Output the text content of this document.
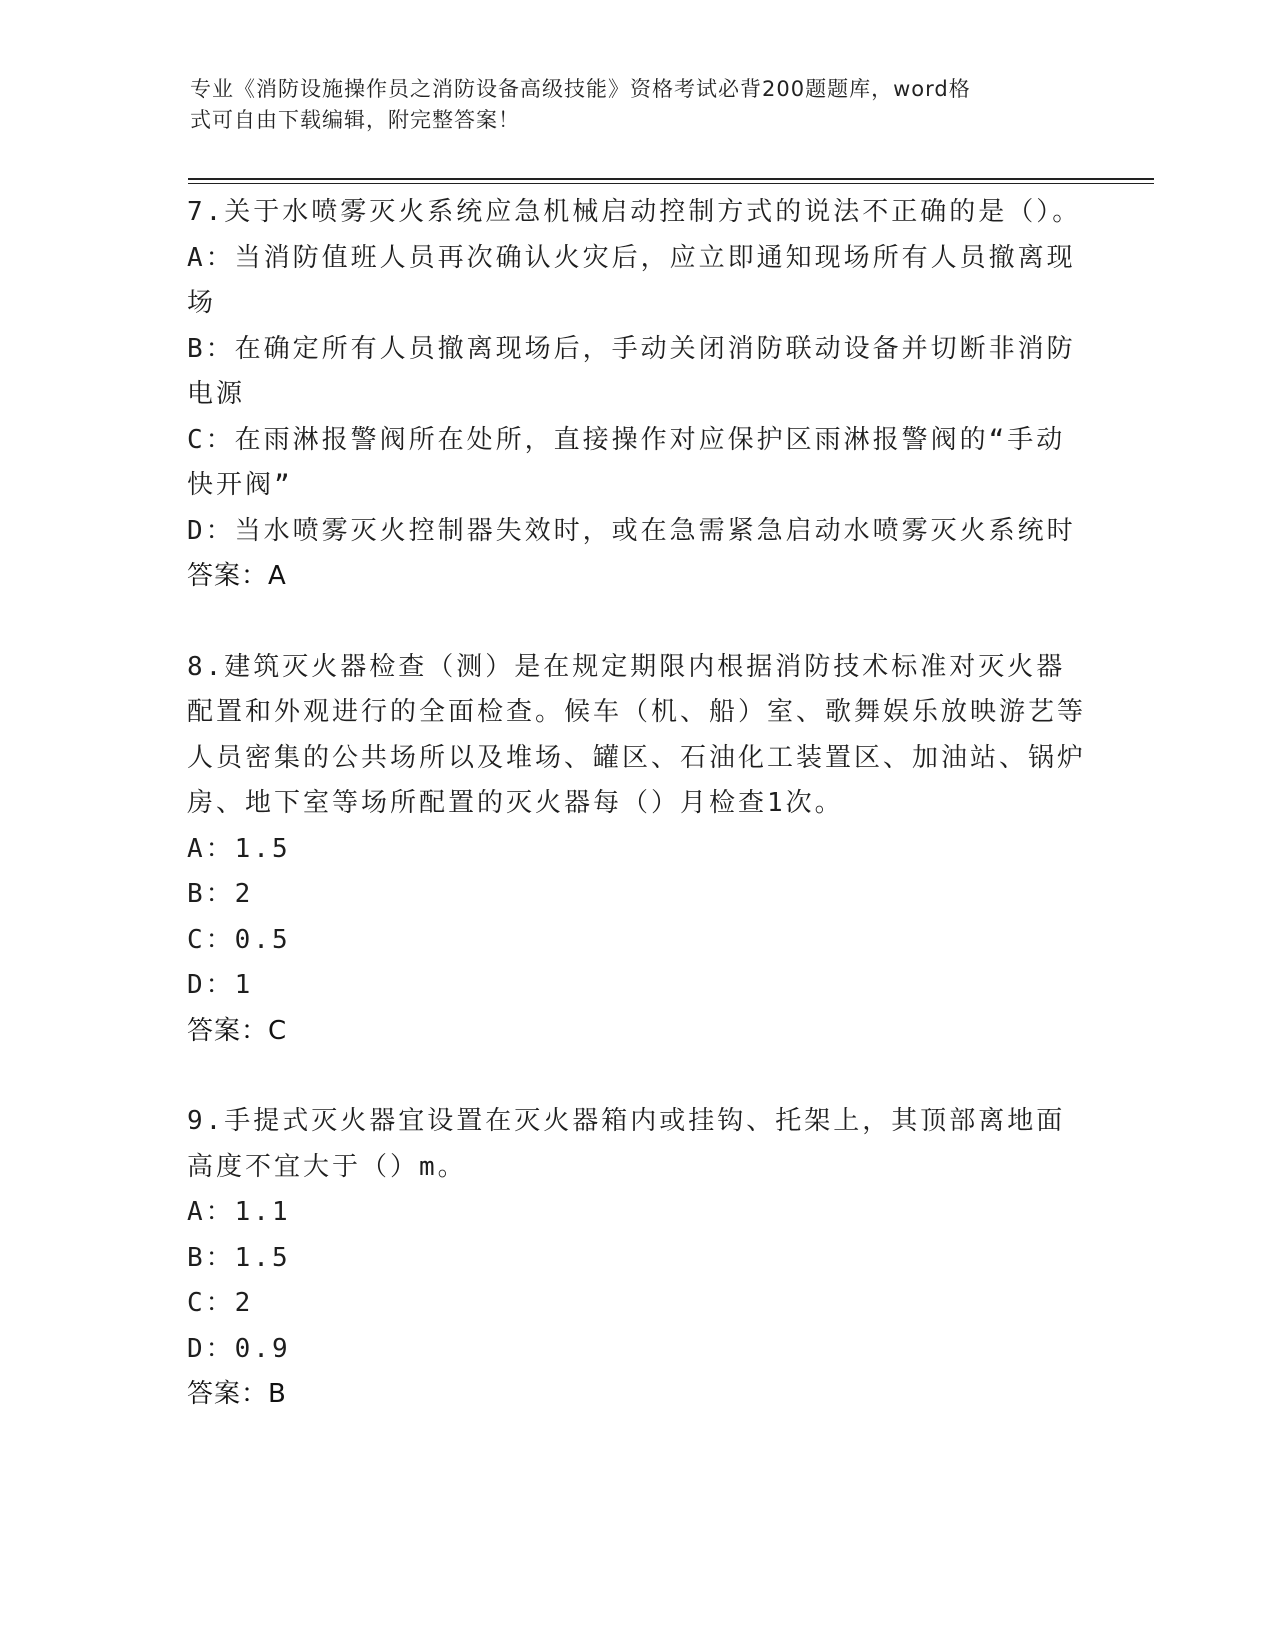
专业《消防设施操作员之消防设备高级技能》资格考试必背200题题库，word格
式可自由下载编辑，附完整答案！
7.关于水喷雾灭火系统应急机械启动控制方式的说法不正确的是（）。
A：当消防值班人员再次确认火灾后，应立即通知现场所有人员撤离现场
B：在确定所有人员撤离现场后，手动关闭消防联动设备并切断非消防电源
C：在雨淋报警阀所在处所，直接操作对应保护区雨淋报警阀的“手动快开阀”
D：当水喷雾灭火控制器失效时，或在急需紧急启动水喷雾灭火系统时
答案：A
8.建筑灭火器检查（测）是在规定期限内根据消防技术标准对灭火器配置和外观进行的全面检查。候车（机、船）室、歌舞娱乐放映游艺等人员密集的公共场所以及堆场、罐区、石油化工装置区、加油站、锅炉房、地下室等场所配置的灭火器每（）月检查1次。
A：1.5
B：2
C：0.5
D：1
答案：C
9.手提式灭火器宜设置在灭火器箱内或挂钩、托架上，其顶部离地面高度不宜大于（）m。
A：1.1
B：1.5
C：2
D：0.9
答案：B
